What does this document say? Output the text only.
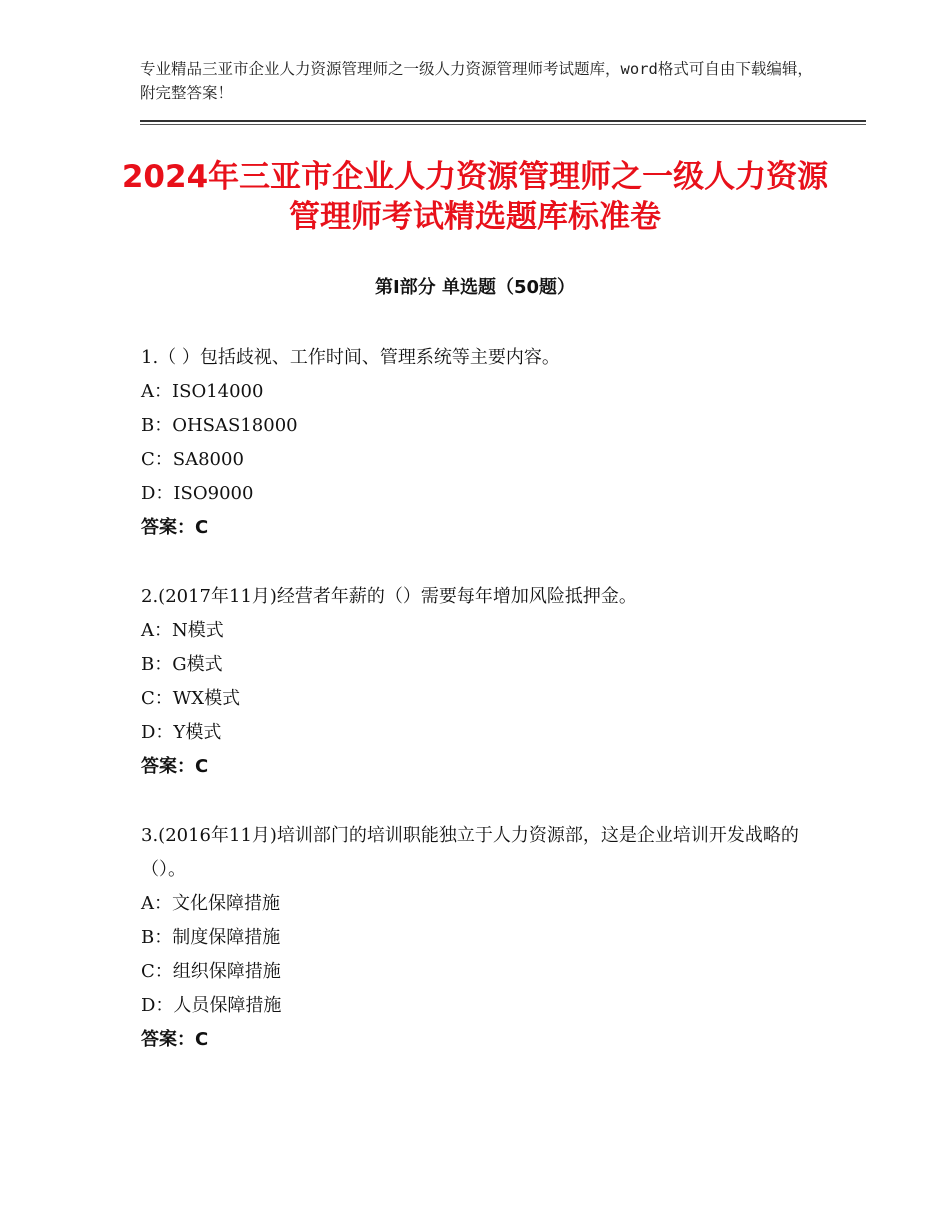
专业精品三亚市企业人力资源管理师之一级人力资源管理师考试题库，word格式可自由下载编辑，附完整答案！
2024年三亚市企业人力资源管理师之一级人力资源管理师考试精选题库标准卷
第Ⅰ部分 单选题（50题）

1.（ ）包括歧视、工作时间、管理系统等主要内容。

A：ISO14000

B：OHSAS18000

C：SA8000

D：ISO9000

答案：C

2.(2017年11月)经营者年薪的（）需要每年增加风险抵押金。

A：N模式

B：G模式

C：WX模式

D：Y模式

答案：C

3.(2016年11月)培训部门的培训职能独立于人力资源部，这是企业培训开发战略的（）。

A：文化保障措施

B：制度保障措施

C：组织保障措施

D：人员保障措施

答案：C
